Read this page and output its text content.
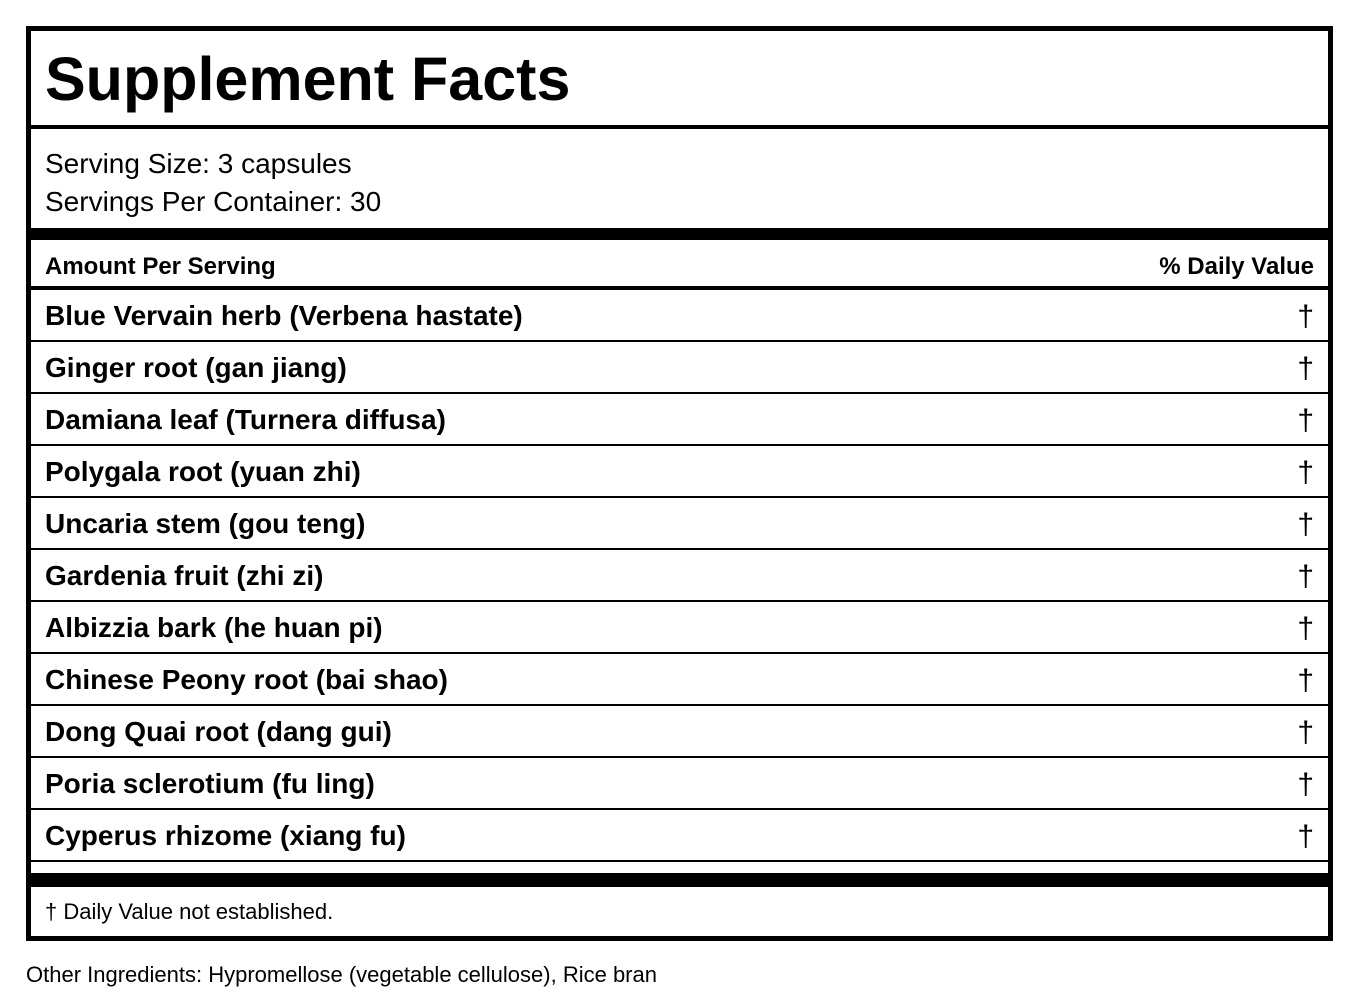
Supplement Facts
Serving Size: 3 capsules
Servings Per Container: 30
Amount Per Serving	% Daily Value
Blue Vervain herb (Verbena hastate)	†
Ginger root (gan jiang)	†
Damiana leaf (Turnera diffusa)	†
Polygala root (yuan zhi)	†
Uncaria stem (gou teng)	†
Gardenia fruit (zhi zi)	†
Albizzia bark (he huan pi)	†
Chinese Peony root (bai shao)	†
Dong Quai root (dang gui)	†
Poria sclerotium (fu ling)	†
Cyperus rhizome (xiang fu)	†
† Daily Value not established.
Other Ingredients: Hypromellose (vegetable cellulose), Rice bran
